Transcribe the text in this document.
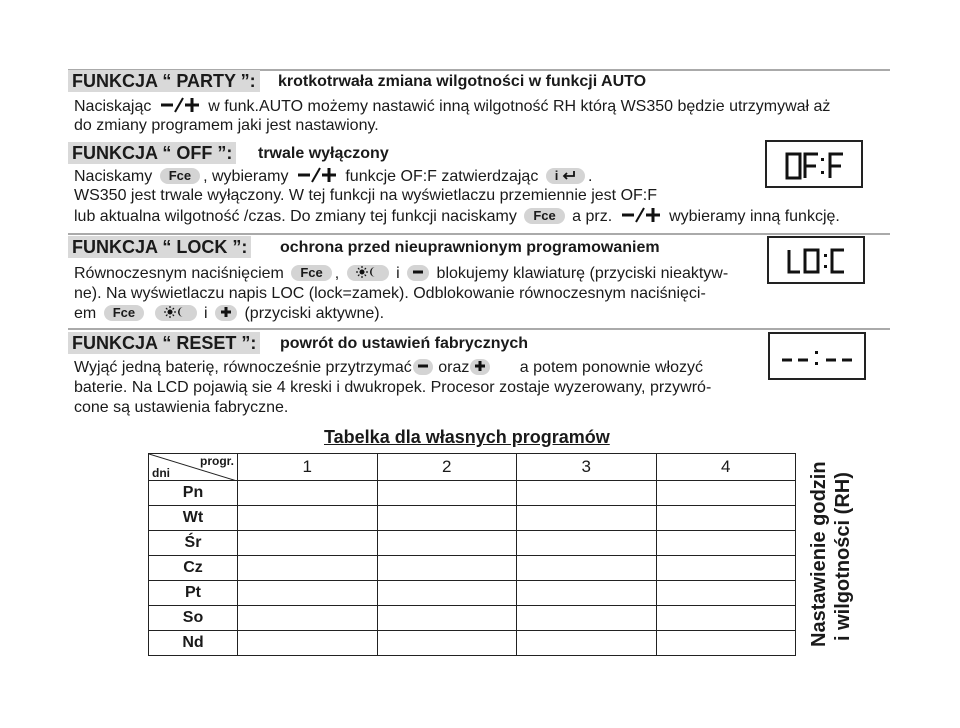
FUNKCJA “ PARTY ”: krotkotrwała zmiana wilgotności w funkcji AUTO
Naciskając	w funk.AUTO możemy nastawić inną wilgotność RH którą WS350 będzie utrzymywał aż
do zmiany programem jaki jest nastawiony.
FUNKCJA “ OFF ”: trwale wyłączony
Naciskamy Fce , wybieramy	funkcje OF:F zatwierdzając i .
WS350 jest trwale wyłączony. W tej funkcji na wyświetlaczu przemiennie jest OF:F
lub aktualna wilgotność /czas. Do zmiany tej funkcji naciskamy Fce a prz.	wybieramy inną funkcję.
FUNKCJA “ LOCK ”: ochrona przed nieuprawnionym programowaniem
Równoczesnym naciśnięciem Fce ,	i blokujemy klawiaturę (przyciski nieaktyw-
ne). Na wyświetlaczu napis LOC (lock=zamek). Odblokowanie równoczesnym naciśnięci-
em Fce	i (przyciski aktywne).
FUNKCJA “ RESET ”: powrót do ustawień fabrycznych
Wyjąć jedną baterię, równocześnie przytrzymać oraz	a potem ponownie włozyć
baterie. Na LCD pojawią sie 4 kreski i dwukropek. Procesor zostaje wyzerowany, przywró-
cone są ustawienia fabryczne.
Tabelka dla własnych programów
progr.
dni	1	2	3	4
Pn				
Wt				
Śr				
Cz				
Pt				
So				
Nd					Nastawienie godzin i wilgotności (RH)
